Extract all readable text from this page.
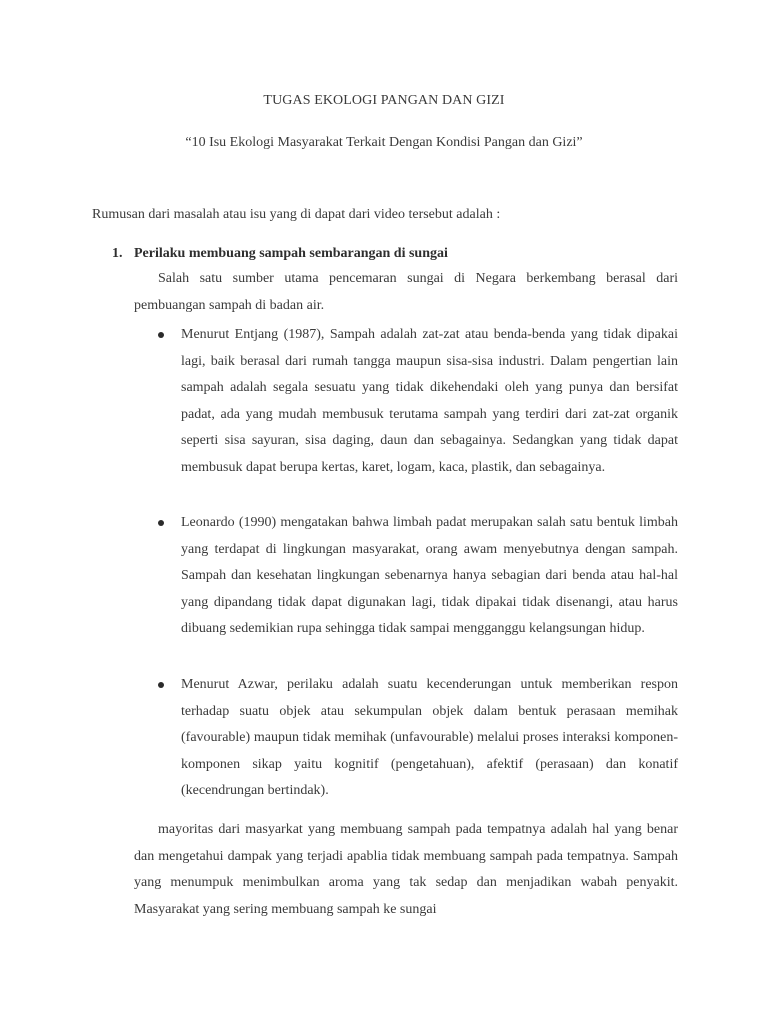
TUGAS EKOLOGI PANGAN DAN GIZI
“10 Isu Ekologi Masyarakat Terkait Dengan Kondisi Pangan dan Gizi”
Rumusan dari masalah atau isu yang di dapat dari video tersebut adalah :
1. Perilaku membuang sampah sembarangan di sungai
Salah satu sumber utama pencemaran sungai di Negara berkembang berasal dari pembuangan sampah di badan air.
Menurut Entjang (1987), Sampah adalah zat-zat atau benda-benda yang tidak dipakai lagi, baik berasal dari rumah tangga maupun sisa-sisa industri. Dalam pengertian lain sampah adalah segala sesuatu yang tidak dikehendaki oleh yang punya dan bersifat padat, ada yang mudah membusuk terutama sampah yang terdiri dari zat-zat organik seperti sisa sayuran, sisa daging, daun dan sebagainya. Sedangkan yang tidak dapat membusuk dapat berupa kertas, karet, logam, kaca, plastik, dan sebagainya.
Leonardo (1990) mengatakan bahwa limbah padat merupakan salah satu bentuk limbah yang terdapat di lingkungan masyarakat, orang awam menyebutnya dengan sampah. Sampah dan kesehatan lingkungan sebenarnya hanya sebagian dari benda atau hal-hal yang dipandang tidak dapat digunakan lagi, tidak dipakai tidak disenangi, atau harus dibuang sedemikian rupa sehingga tidak sampai mengganggu kelangsungan hidup.
Menurut Azwar, perilaku adalah suatu kecenderungan untuk memberikan respon terhadap suatu objek atau sekumpulan objek dalam bentuk perasaan memihak (favourable) maupun tidak memihak (unfavourable) melalui proses interaksi komponen-komponen sikap yaitu kognitif (pengetahuan), afektif (perasaan) dan konatif (kecendrungan bertindak).
mayoritas dari masyarkat yang membuang sampah pada tempatnya adalah hal yang benar dan mengetahui dampak yang terjadi apablia tidak membuang sampah pada tempatnya. Sampah yang menumpuk menimbulkan aroma yang tak sedap dan menjadikan wabah penyakit. Masyarakat yang sering membuang sampah ke sungai
